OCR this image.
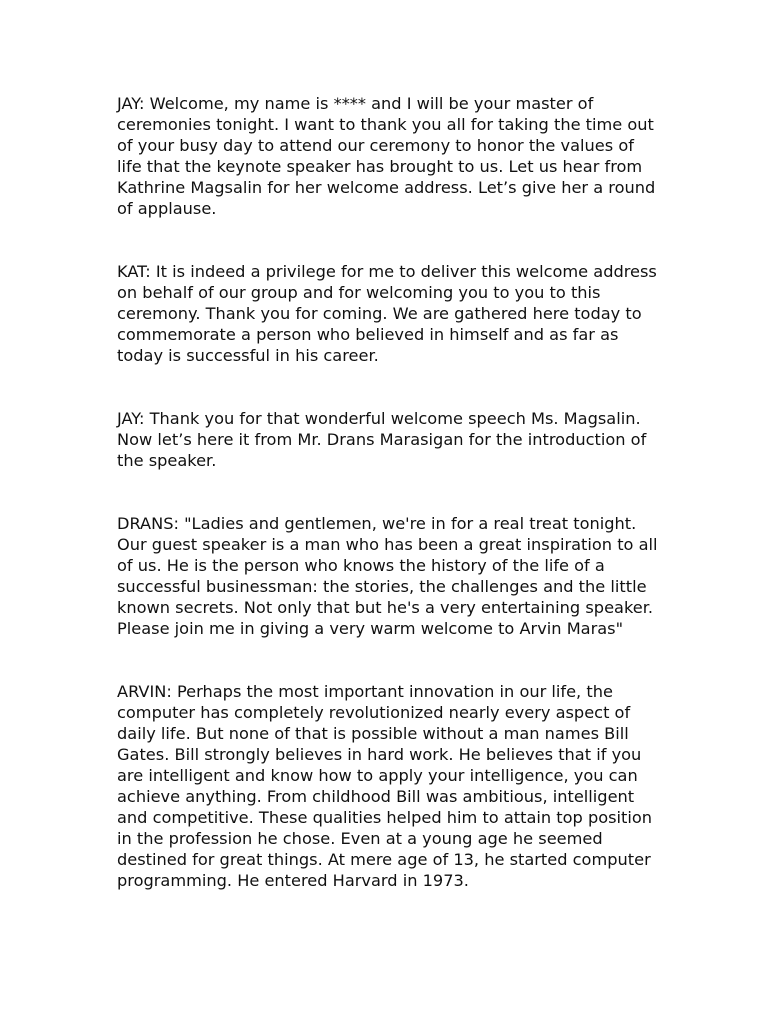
JAY: Welcome, my name is **** and I will be your master of ceremonies tonight. I want to thank you all for taking the time out of your busy day to attend our ceremony to honor the values of life that the keynote speaker has brought to us. Let us hear from Kathrine Magsalin for her welcome address. Let’s give her a round of applause.

KAT: It is indeed a privilege for me to deliver this welcome address on behalf of our group and for welcoming you to you to this ceremony. Thank you for coming. We are gathered here today to commemorate a person who believed in himself and as far as today is successful in his career.

JAY: Thank you for that wonderful welcome speech Ms. Magsalin. Now let’s here it from Mr. Drans Marasigan for the introduction of the speaker.

DRANS: "Ladies and gentlemen, we're in for a real treat tonight. Our guest speaker is a man who has been a great inspiration to all of us. He is the person who knows the history of the life of a successful businessman: the stories, the challenges and the little known secrets. Not only that but he's a very entertaining speaker. Please join me in giving a very warm welcome to Arvin Maras"

ARVIN: Perhaps the most important innovation in our life, the computer has completely revolutionized nearly every aspect of daily life. But none of that is possible without a man names Bill Gates. Bill strongly believes in hard work. He believes that if you are intelligent and know how to apply your intelligence, you can achieve anything. From childhood Bill was ambitious, intelligent and competitive. These qualities helped him to attain top position in the profession he chose. Even at a young age he seemed destined for great things. At mere age of 13, he started computer programming. He entered Harvard in 1973.
